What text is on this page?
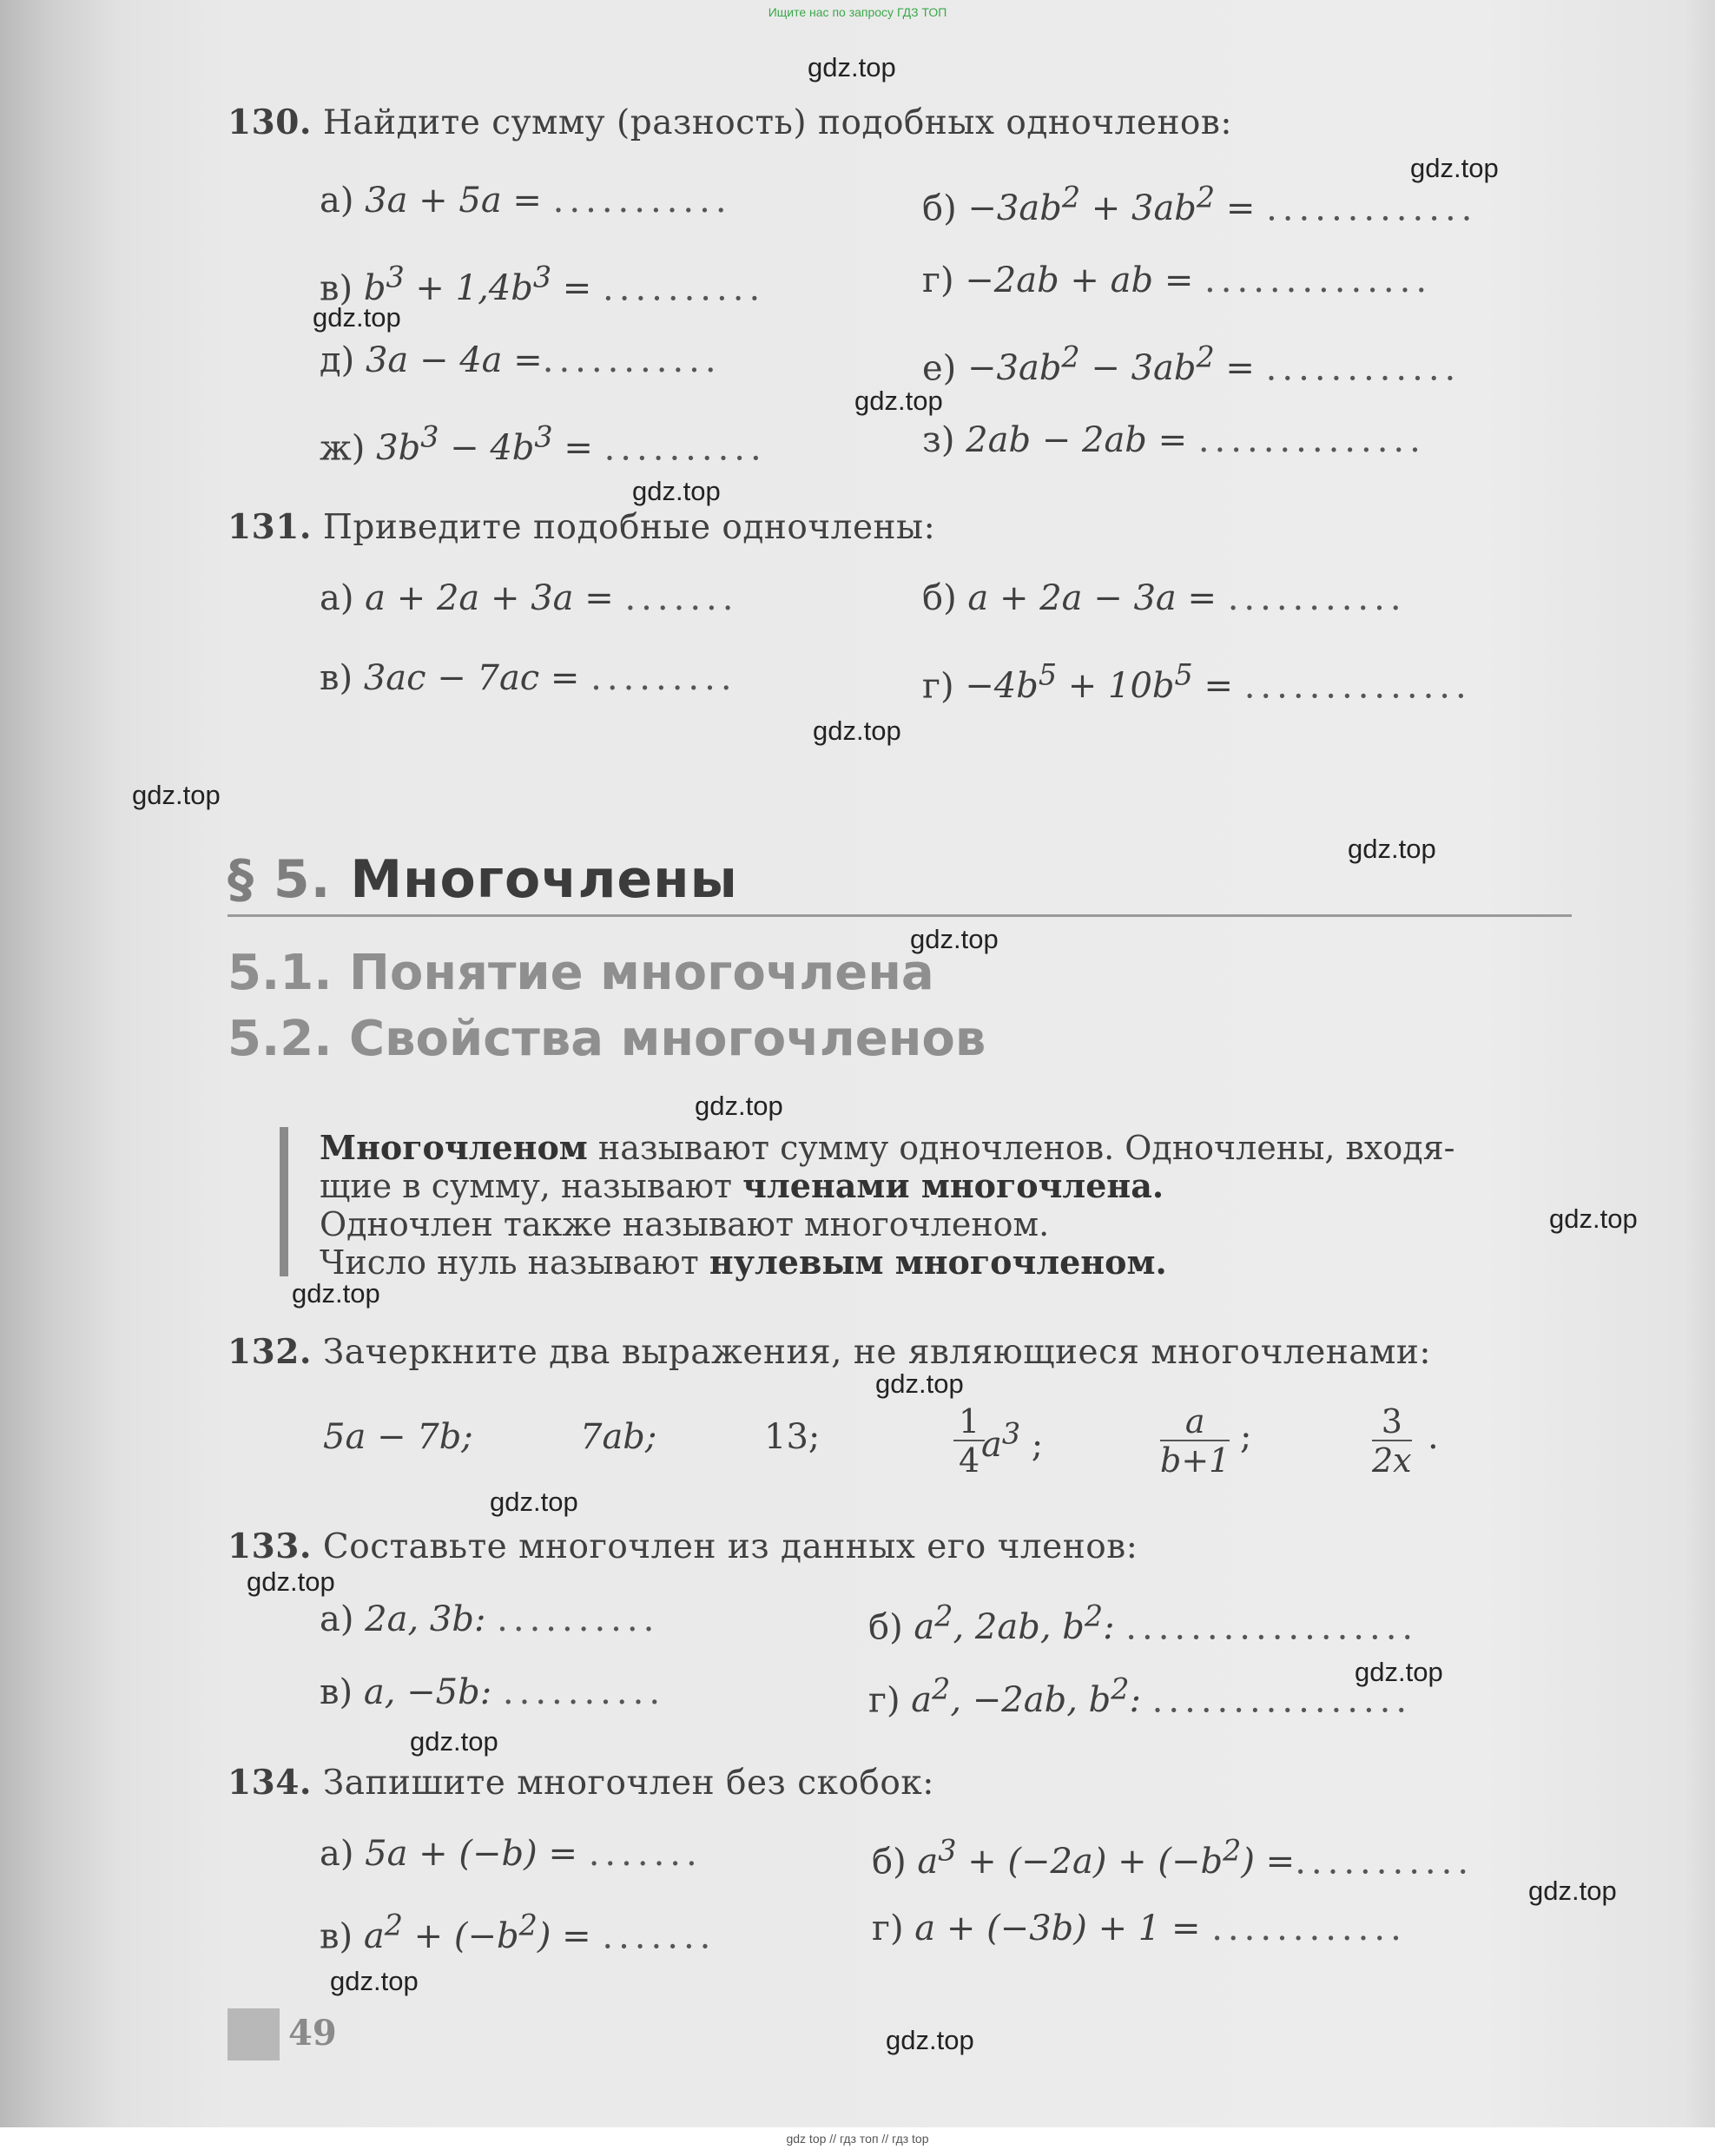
Ищите нас по запросу ГДЗ ТОП
130. Найдите сумму (разность) подобных одночленов:
а) 3a + 5a = ...........	$б) -3ab^2 + 3ab^2$ = .............
в) $b^3 + 1,4b^3$ = ..........	г) −2ab + ab = ..............
д) 3a − 4a =...........	$е) -3ab^2 - 3ab^2$ = ............
ж) $3b^3 - 4b^3$ = ..........	з) 2ab − 2ab = ..............
131. Приведите подобные одночлены:
а) a + 2a + 3a = .......	б) a + 2a − 3a = ...........
в) 3ac − 7ac = .........	$г) -4b^5 + 10b^5$ = ..............
§ 5. Многочлены
5.1. Понятие многочлена
5.2. Свойства многочленов
Многочленом называют сумму одночленов. Одночлены, входя-
щие в сумму, называют членами многочлена.
Одночлен также называют многочленом.
Число нуль называют нулевым многочленом.
132. Зачеркните два выражения, не являющиеся многочленами:
5a − 7b;	7ab;	13;	$\frac{1}{4}$
$a^3$ ;	$\frac{a}{b+1}$ ;	$\frac{3}{2x}$ .
133. Составьте многочлен из данных его членов:
а) 2a, 3b: ..........	б) $a^2$, 2ab, $b^2$: ..................
в) a, −5b: ..........	г) $a^2$, −2ab, $b^2$: ................
134. Запишите многочлен без скобок:
а) 5a + (−b) = .......	б) $a^3 + (-2a) + (-b^2)$ =...........
в) $a^2 + (-b^2)$ = .......	г) a + (−3b) + 1 = ............
49
gdz.top
gdz.top
gdz.top
gdz.top
gdz.top
gdz.top
gdz.top
gdz.top
gdz.top
gdz.top
gdz.top
gdz.top
gdz.top
gdz.top
gdz.top
gdz.top
gdz.top
gdz.top
gdz.top
gdz.top
gdz top // гдз топ // гдз top
